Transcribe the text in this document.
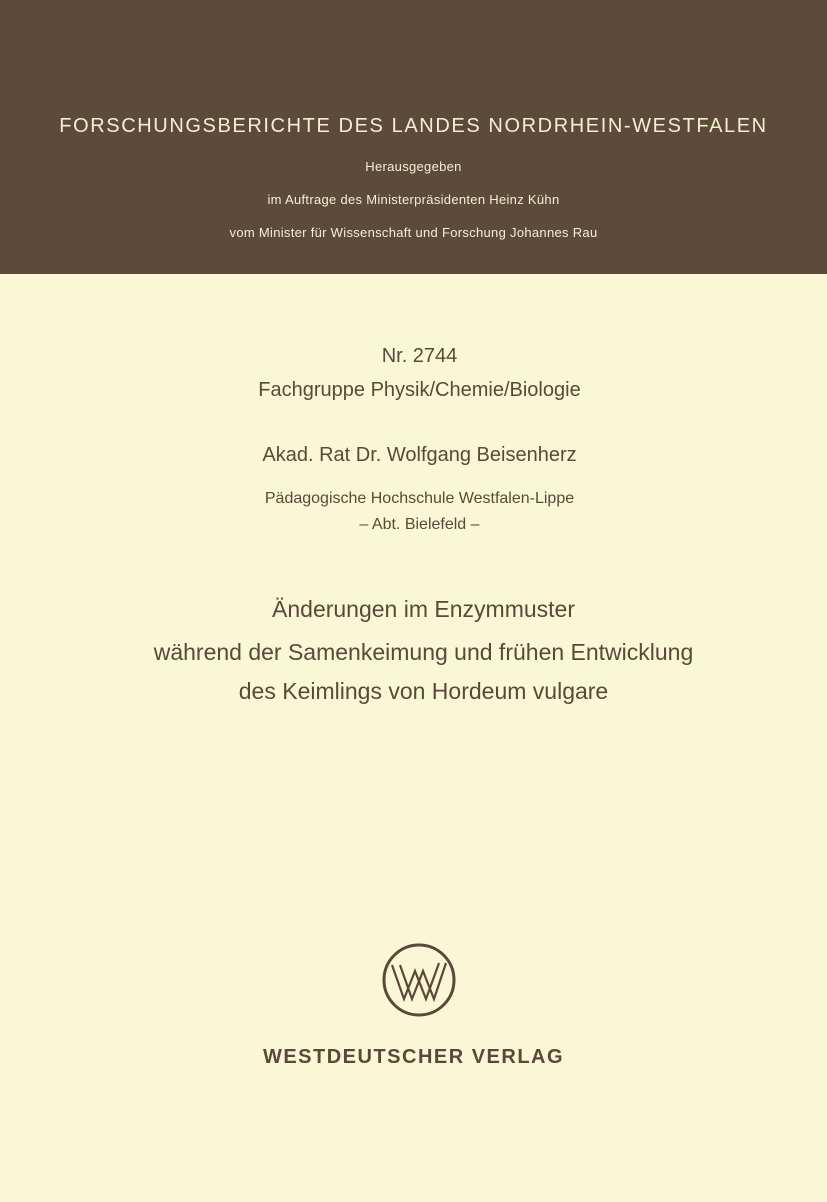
FORSCHUNGSBERICHTE DES LANDES NORDRHEIN-WESTFALEN
Herausgegeben
im Auftrage des Ministerpräsidenten Heinz Kühn
vom Minister für Wissenschaft und Forschung Johannes Rau
Nr. 2744
Fachgruppe Physik/Chemie/Biologie
Akad. Rat Dr. Wolfgang Beisenherz
Pädagogische Hochschule Westfalen-Lippe
– Abt. Bielefeld –
Änderungen im Enzymmuster
während der Samenkeimung und frühen Entwicklung
des Keimlings von Hordeum vulgare
WESTDEUTSCHER VERLAG
